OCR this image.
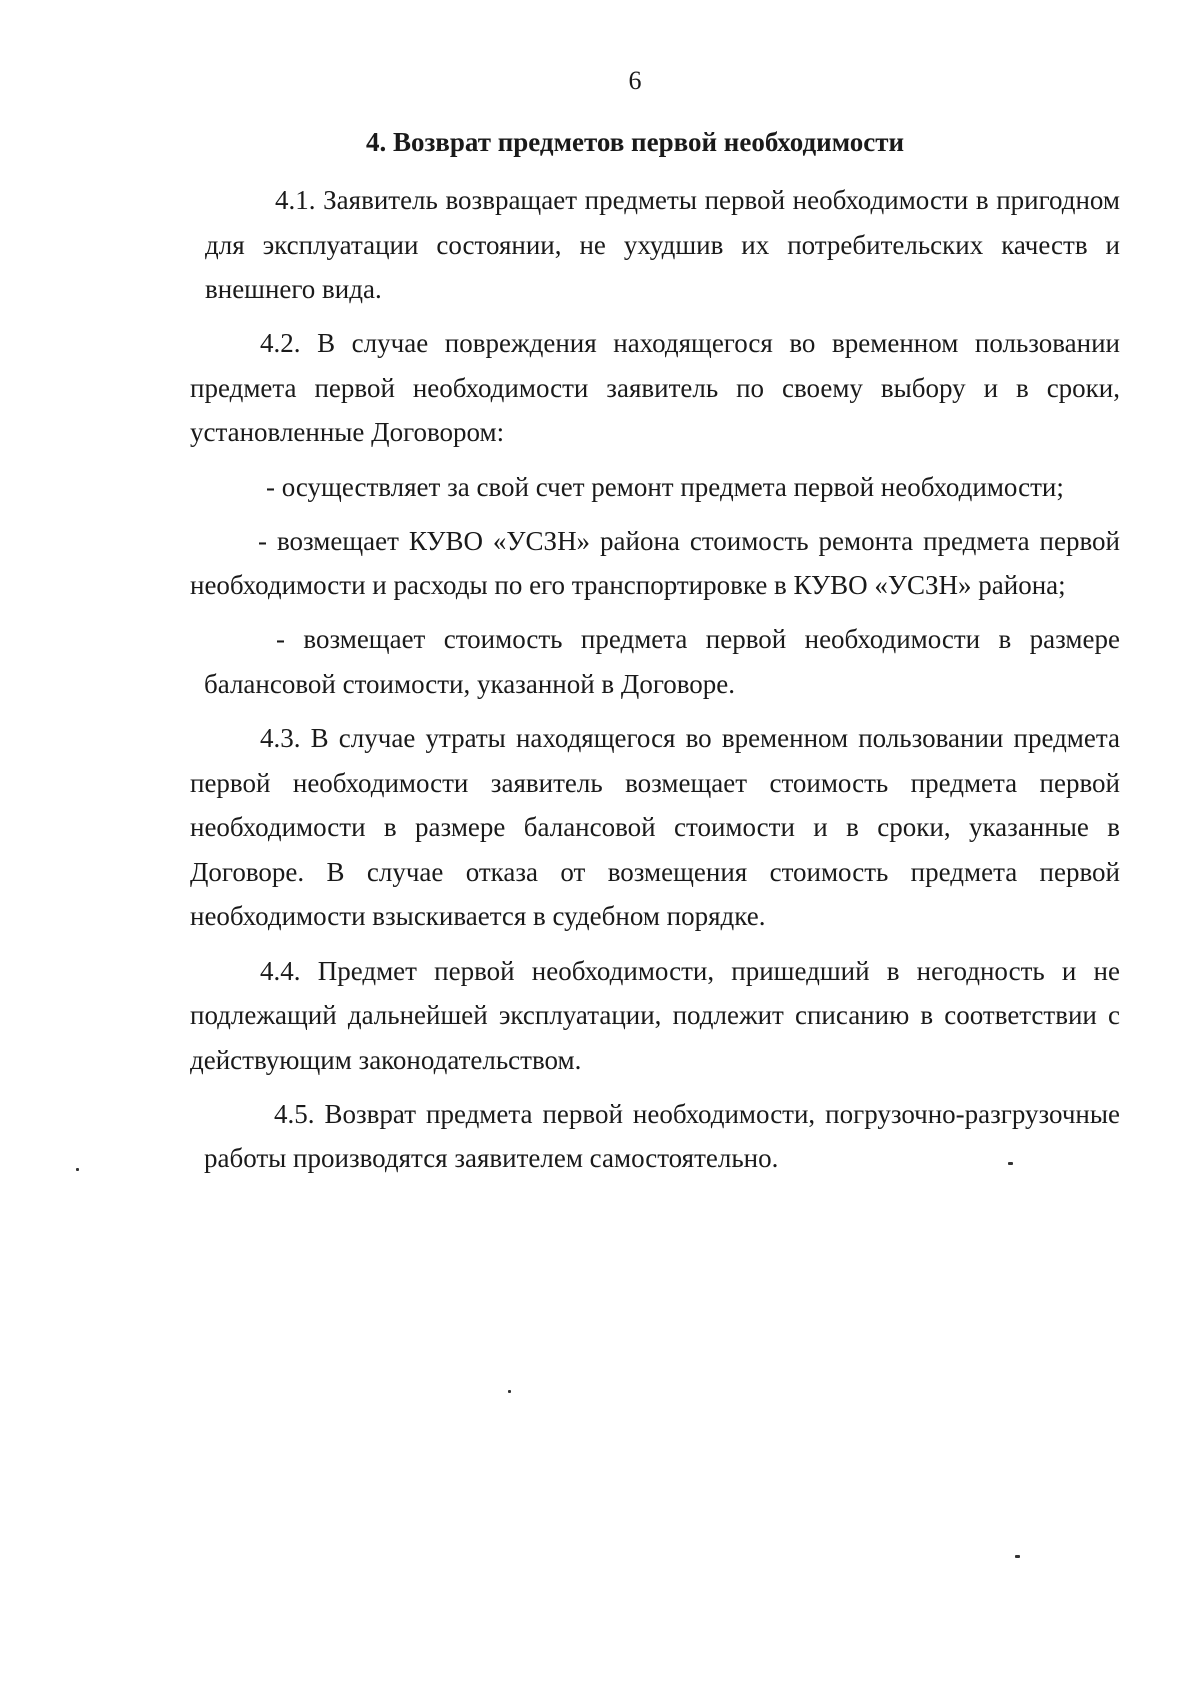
6
4. Возврат предметов первой необходимости

4.1. Заявитель возвращает предметы первой необходимости в пригодном для эксплуатации состоянии, не ухудшив их потребительских качеств и внешнего вида.

4.2. В случае повреждения находящегося во временном пользовании предмета первой необходимости заявитель по своему выбору и в сроки, установленные Договором:

- осуществляет за свой счет ремонт предмета первой необходимости;

- возмещает КУВО «УСЗН» района стоимость ремонта предмета первой необходимости и расходы по его транспортировке в КУВО «УСЗН» района;

- возмещает стоимость предмета первой необходимости в размере балансовой стоимости, указанной в Договоре.

4.3. В случае утраты находящегося во временном пользовании предмета первой необходимости заявитель возмещает стоимость предмета первой необходимости в размере балансовой стоимости и в сроки, указанные в Договоре. В случае отказа от возмещения стоимость предмета первой необходимости взыскивается в судебном порядке.

4.4. Предмет первой необходимости, пришедший в негодность и не подлежащий дальнейшей эксплуатации, подлежит списанию в соответствии с действующим законодательством.

4.5. Возврат предмета первой необходимости, погрузочно-разгрузочные работы производятся заявителем самостоятельно.
